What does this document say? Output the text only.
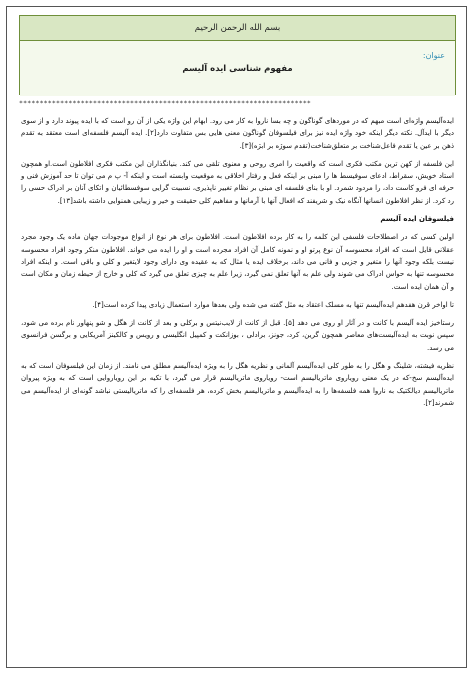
بسم الله الرحمن الرحيم
عنوان:
مفهوم شناسی ایده آلیسم
***********************************************************************

ایده‌آلیسم واژه‌ای است مبهم که در موردهای گوناگون و چه بسا ناروا به کار می رود. ابهام این واژه یکی از آن رو است که با ایده پیوند دارد و از سوی دیگر با ایدآل. نکته دیگر اینکه خود واژه ایده نیز برای فیلسوفان گوناگون معنی هایی بس متفاوت دارد[۲]. ایده آلیسم فلسفه‌ای است معتقد به تقدم ذهن بر عین یا تقدم فاعل‌شناخت بر متعلق‌شناخت(تقدم سوژه بر ابژه)[۳].

این فلسفه از کهن ترین مکتب فکری است که واقعیت را امری روحی و معنوی تلقی می کند. بنیانگذاران این مکتب فکری افلاطون است.او همچون استاد خویش، سقراط، ادعای سوفیسط ها را مبنی بر اینکه فعل و رفتار اخلاقی به موقعیت وابسته است و اینکه آ- پ م می توان تا حد آموزش فنی و حرفه ای فرو کاست داد، را مردود شمرد. او با بنای فلسفه ای مبنی بر نظام تغییر ناپذیری، نسبیت گرایی سوفسطائیان و اتکای آنان بر ادراک حسی را رد کرد. از نظر افلاطون انسانها آنگاه نیک و شریفند که افعال آنها با آرمانها و مفاهیم کلی حقیقت و خیر و زیبایی همنوایی داشته باشد[۱۳].

فیلسوفان ایده آلیسم

اولین کسی که در اصطلاحات فلسفی این کلمه را به کار برده افلاطون است. افلاطون برای هر نوع از انواع موجودات جهان ماده یک وجود مجرد عقلانی قایل است که افراد محسوسه آن نوع پرتو او و نمونه کامل آن افراد مجرده است و او را ایده می خواند. افلاطون منکر وجود افراد محسوسه نیست بلکه وجود آنها را متغیر و جزیی و فانی می داند، برخلاف ایده یا مثال که به عقیده وی دارای وجود لایتغیر و کلی و باقی است. و اینکه افراد محسوسه تنها به حواس ادراک می شوند ولی علم به آنها تعلق نمی گیرد، زیرا علم به چیزی تعلق می گیرد که کلی و خارج از حیطه زمان و مکان است و آن همان ایده است.

تا اواخر قرن هفدهم ایده‌آلیسم تنها به مسلک اعتقاد به مثل گفته می شده ولی بعدها موارد استعمال زیادی پیدا کرده است[۴].

رستاخیز ایده آلیسم با کانت و در آثار او روی می دهد [۵]. قبل از کانت از لایب‌نیتس و برکلی و بعد از کانت از هگل و شو پنهاور نام برده می شود، سپس نوبت به ایده‌آلیست‌های معاصر همچون گرین، کرد، جونز، برادلی ، بوزانکت و کمپیل انگلیسی و رویس و کالکینز آمریکایی و برگسن فرانسوی می رسد.

نظریه فیشته، شلینگ و هگل را به طور کلی ایده‌آلیسم آلمانی و نظریه هگل را به ویژه ایده‌آلیسم مطلق می نامند. از زمان این فیلسوفان است که به ایده‌آلیسم سخ-که در یک معنی رویاروی ماتریالیسم است- رویاروی ماتریالیسم قرار می گیرد، با تکیه بر این رویاروایی است که به ویژه پیروان ماتریالیسم دیالکتیک به ناروا همه فلسفه‌ها را به ایده‌آلیسم و ماتریالیسم بخش کرده، هر فلسفه‌ای را که ماتریالیستی نباشد گونه‌ای از ایده‌آلیسم می شمرند[۲].
